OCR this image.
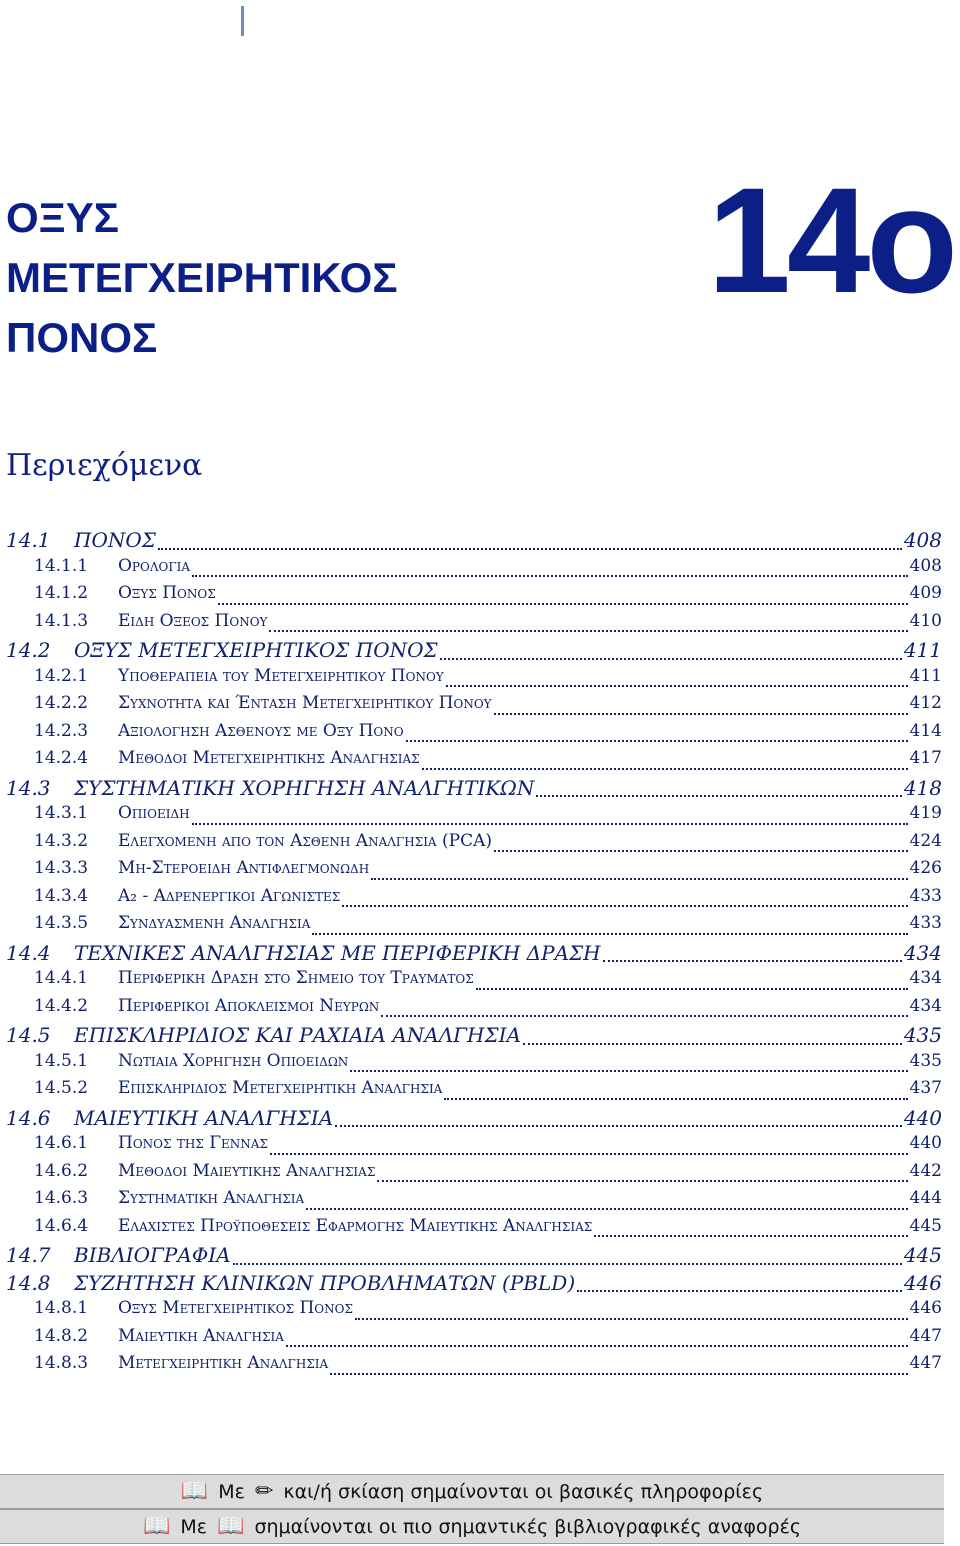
ΟΞΥΣ
ΜΕΤΕΓΧΕΙΡΗΤΙΚΟΣ
ΠΟΝΟΣ
14ο
Περιεχόμενα
14.1	ΠΟΝΟΣ	408
14.1.1	Ορολογια	408
14.1.2	Οξυς Πονος	409
14.1.3	Ειδη Οξεος Πονου	410
14.2	ΟΞΥΣ ΜΕΤΕΓΧΕΙΡΗΤΙΚΟΣ ΠΟΝΟΣ	411
14.2.1	Υποθεραπεια του Μετεγχειρητικου Πονου	411
14.2.2	Συχνοτητα και Ένταση Μετεγχειρητικου Πονου	412
14.2.3	Αξιολογηση Ασθενους με Οξυ Πονο	414
14.2.4	Μεθοδοι Μετεγχειρητικης Αναλγησιας	417
14.3	ΣΥΣΤΗΜΑΤΙΚΗ ΧΟΡΗΓΗΣΗ ΑΝΑΛΓΗΤΙΚΩΝ	418
14.3.1	Οπιοειδη	419
14.3.2	Ελεγχομενη απο τον Ασθενη Αναλγησια (PCA)	424
14.3.3	Μη-Στεροειδη Αντιφλεγμονωδη	426
14.3.4	Α₂ - Αδρενεργικοι Αγωνιστες	433
14.3.5	Συνδυασμενη Αναλγησια	433
14.4	ΤΕΧΝΙΚΕΣ ΑΝΑΛΓΗΣΙΑΣ ΜΕ ΠΕΡΙΦΕΡΙΚΗ ΔΡΑΣΗ	434
14.4.1	Περιφερικη Δραση στο Σημειο του Τραυματος	434
14.4.2	Περιφερικοι Αποκλεισμοι Νευρων	434
14.5	ΕΠΙΣΚΛΗΡΙΔΙΟΣ ΚΑΙ ΡΑΧΙΑΙΑ ΑΝΑΛΓΗΣΙΑ	435
14.5.1	Νωτιαια Χορηγηση Οπιοειδων	435
14.5.2	Επισκληριδιος Μετεγχειρητικη Αναλγησια	437
14.6	ΜΑΙΕΥΤΙΚΗ ΑΝΑΛΓΗΣΙΑ	440
14.6.1	Πονος της Γεννας	440
14.6.2	Μεθοδοι Μαιευτικης Αναλγησιας	442
14.6.3	Συστηματικη Αναλγησια	444
14.6.4	Ελαχιστες Προϋποθεσεις Εφαρμογης Μαιευτικης Αναλγησιας	445
14.7	ΒΙΒΛΙΟΓΡΑΦΙΑ	445
14.8	ΣΥΖΗΤΗΣΗ ΚΛΙΝΙΚΩΝ ΠΡΟΒΛΗΜΑΤΩΝ (PBLD)	446
14.8.1	Οξυς Μετεγχειρητικος Πονος	446
14.8.2	Μαιευτικη Αναλγησια	447
14.8.3	Μετεγχειρητικη Αναλγησια	447
📖 Με ✏ και/ή σκίαση σημαίνονται οι βασικές πληροφορίες
📖 Με 📖 σημαίνονται οι πιο σημαντικές βιβλιογραφικές αναφορές
